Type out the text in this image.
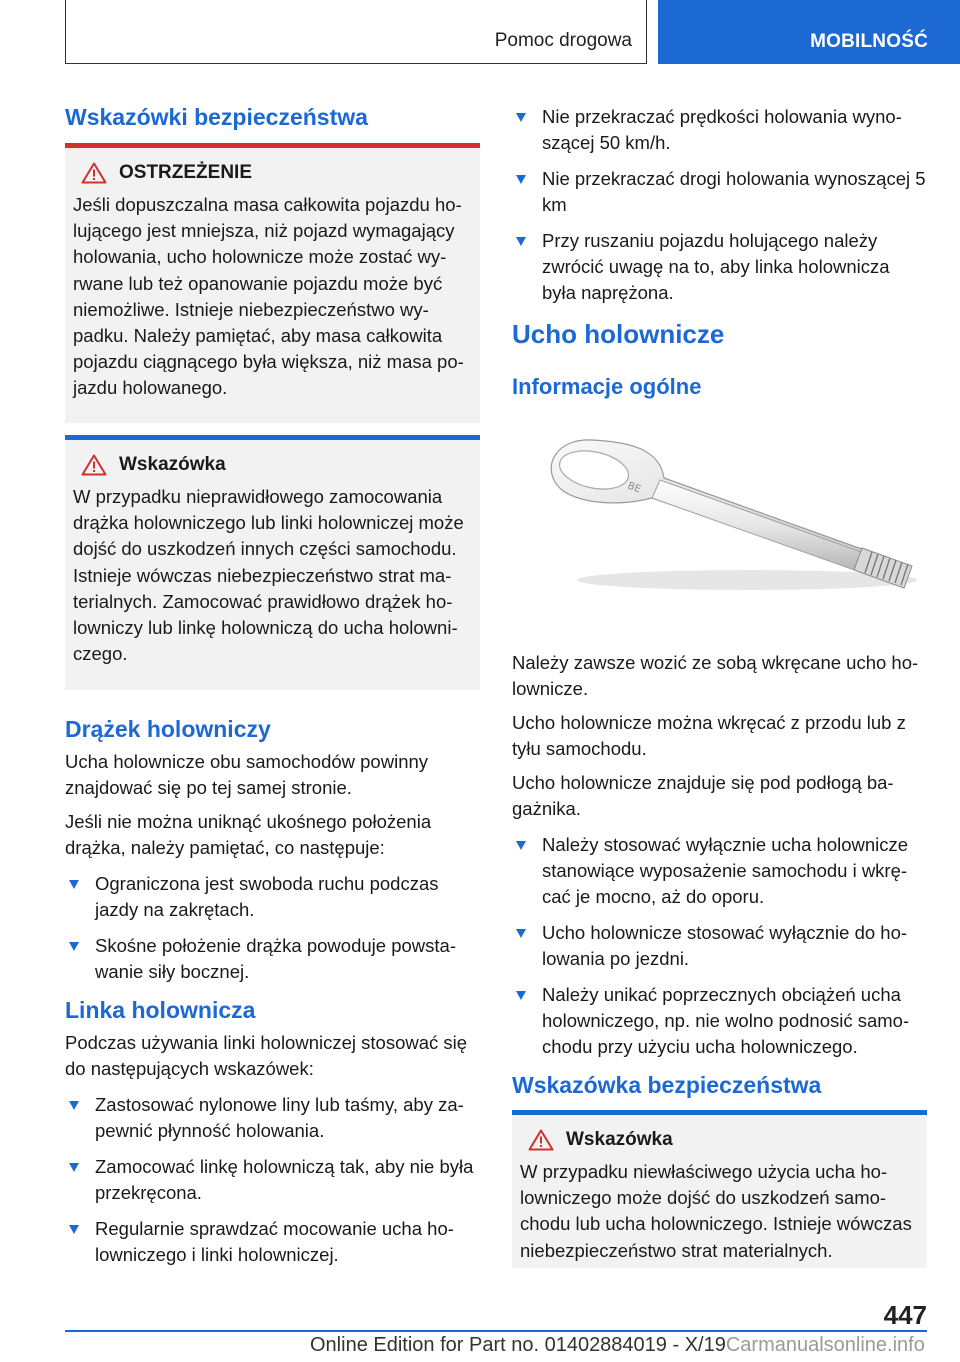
Pomoc drogowa	MOBILNOŚĆ
Wskazówki bezpieczeństwa
OSTRZEŻENIE

Jeśli dopuszczalna masa całkowita pojazdu holującego jest mniejsza, niż pojazd wymagający holowania, ucho holownicze może zostać wyrwane lub też opanowanie pojazdu może być niemożliwe. Istnieje niebezpieczeństwo wypadku. Należy pamiętać, aby masa całkowita pojazdu ciągnącego była większa, niż masa pojazdu holowanego.

Wskazówka

W przypadku nieprawidłowego zamocowania drążka holowniczego lub linki holowniczej może dojść do uszkodzeń innych części samochodu. Istnieje wówczas niebezpieczeństwo strat materialnych. Zamocować prawidłowo drążek holowniczy lub linkę holowniczą do ucha holowniczego.

Drążek holowniczy

Ucha holownicze obu samochodów powinny znajdować się po tej samej stronie.

Jeśli nie można uniknąć ukośnego położenia drążka, należy pamiętać, co następuje:

Ograniczona jest swoboda ruchu podczas jazdy na zakrętach.
Skośne położenie drążka powoduje powstawanie siły bocznej.
Linka holownicza

Podczas używania linki holowniczej stosować się do następujących wskazówek:

Zastosować nylonowe liny lub taśmy, aby zapewnić płynność holowania.
Zamocować linkę holowniczą tak, aby nie była przekręcona.
Regularnie sprawdzać mocowanie ucha holowniczego i linki holowniczej.
Nie przekraczać prędkości holowania wynoszącej 50 km/h.
Nie przekraczać drogi holowania wynoszącej 5 km
Przy ruszaniu pojazdu holującego należy zwrócić uwagę na to, aby linka holownicza była naprężona.
Ucho holownicze
Informacje ogólne
BE

Należy zawsze wozić ze sobą wkręcane ucho holownicze.

Ucho holownicze można wkręcać z przodu lub z tyłu samochodu.

Ucho holownicze znajduje się pod podłogą bagażnika.

Należy stosować wyłącznie ucha holownicze stanowiące wyposażenie samochodu i wkręcać je mocno, aż do oporu.
Ucho holownicze stosować wyłącznie do holowania po jezdni.
Należy unikać poprzecznych obciążeń ucha holowniczego, np. nie wolno podnosić samochodu przy użyciu ucha holowniczego.
Wskazówka bezpieczeństwa
Wskazówka

W przypadku niewłaściwego użycia ucha holowniczego może dojść do uszkodzeń samochodu lub ucha holowniczego. Istnieje wówczas niebezpieczeństwo strat materialnych.

447
Online Edition for Part no. 01402884019 - X/19Carmanualsonline.info
